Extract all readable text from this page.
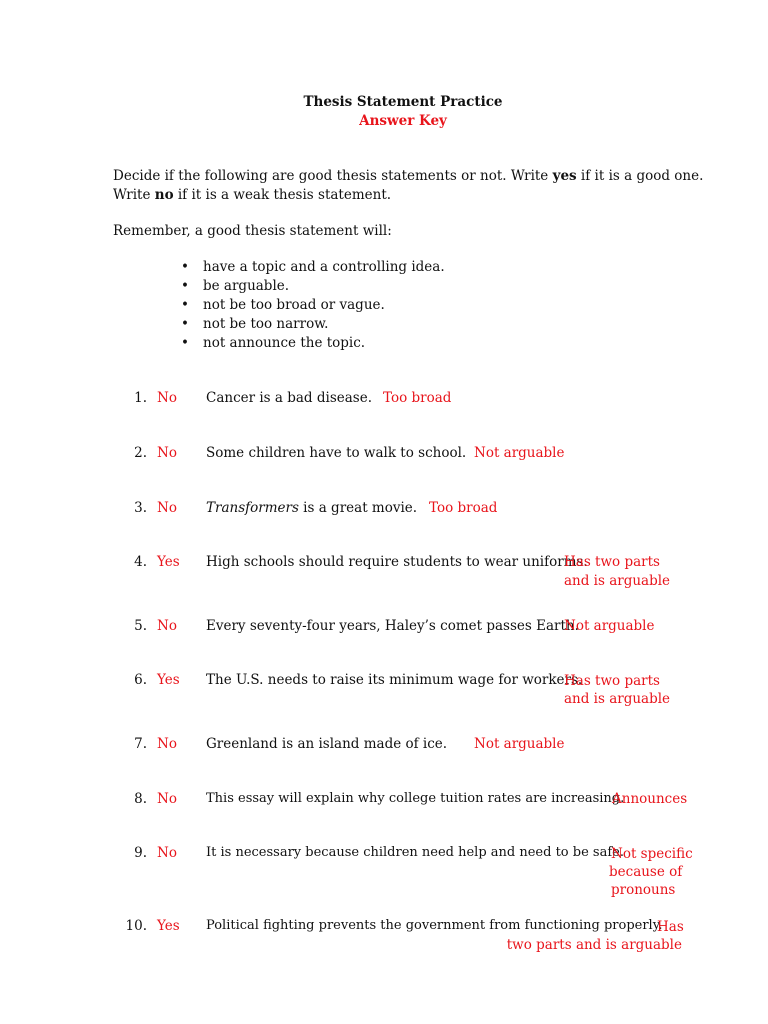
Thesis Statement Practice
Answer Key
Decide if the following are good thesis statements or not. Write yes if it is a good one.
Write no if it is a weak thesis statement.
Remember, a good thesis statement will:
• have a topic and a controlling idea.
• be arguable.
• not be too broad or vague.
• not be too narrow.
• not announce the topic.
1. No Cancer is a bad disease. Too broad
2. No Some children have to walk to school. Not arguable
3. No Transformers is a great movie. Too broad
4. Yes High schools should require students to wear uniforms.
Has two parts
and is arguable
5. No Every seventy-four years, Haley’s comet passes Earth.
Not arguable
6. Yes The U.S. needs to raise its minimum wage for workers.
Has two parts
and is arguable
7. No Greenland is an island made of ice. Not arguable
8. No This essay will explain why college tuition rates are increasing.
Announces
9. No It is necessary because children need help and need to be safe.
Not specific
because of
pronouns
10. Yes Political fighting prevents the government from functioning properly.
Has
two parts and is arguable
